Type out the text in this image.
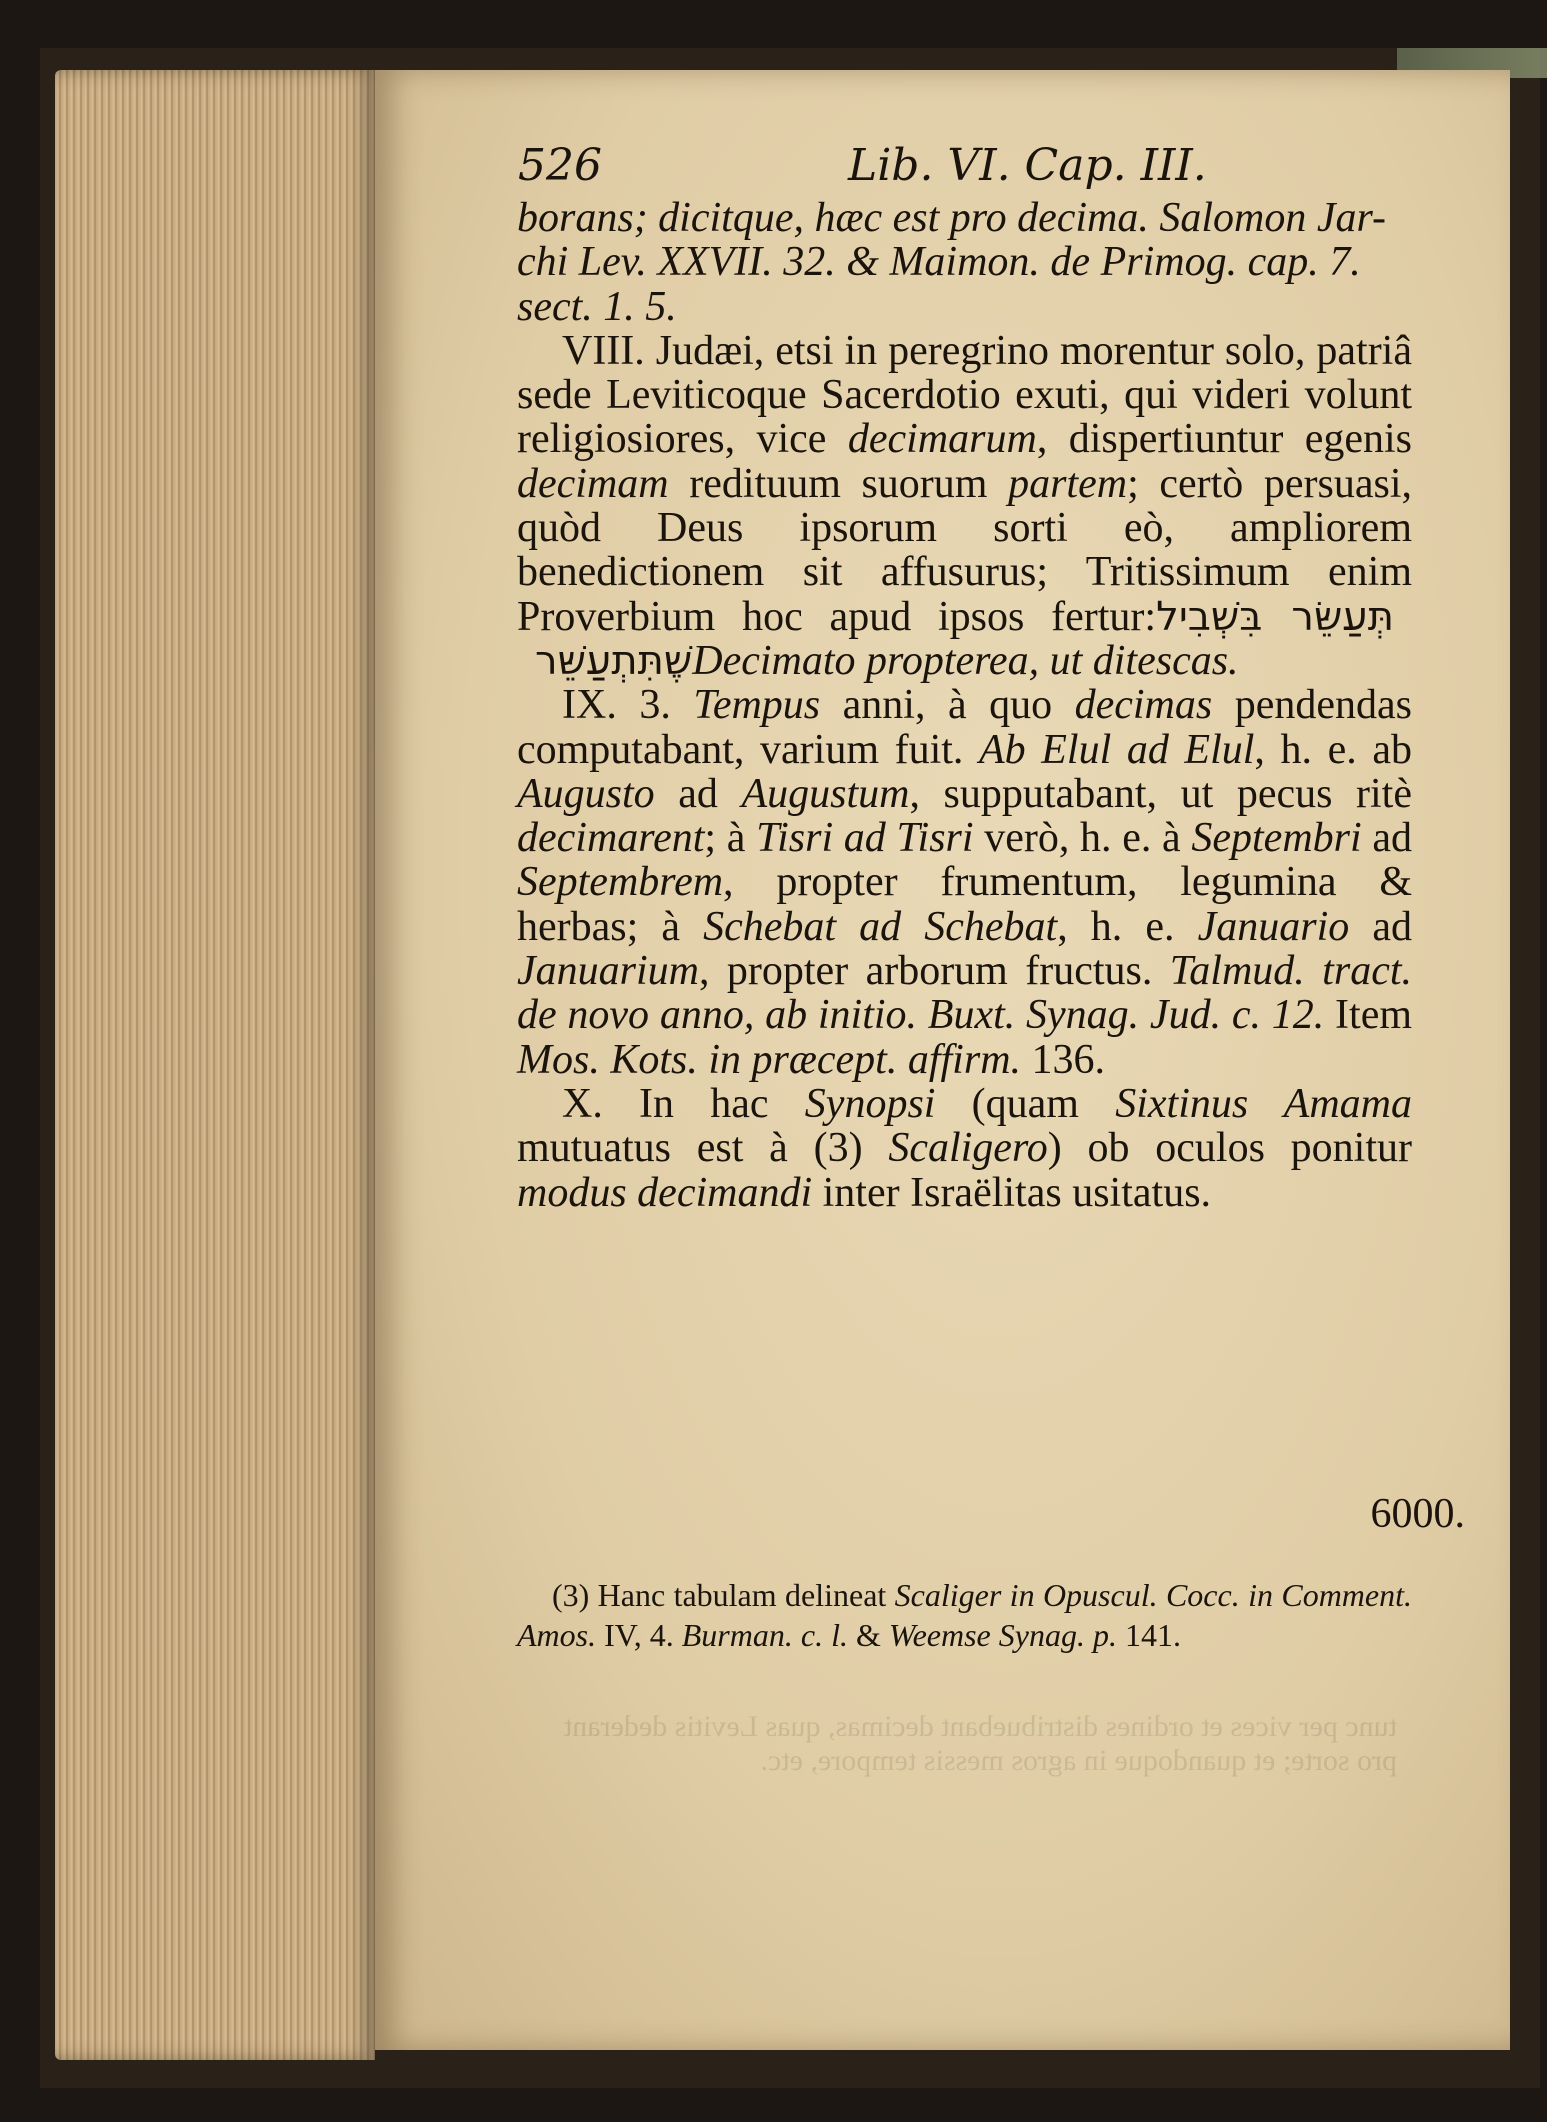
526	Lib. VI. Cap. III.

borans; dicitque, hæc est pro decima. Salomon Jar-

chi Lev. XXVII. 32. & Maimon. de Primog. cap. 7.

sect. 1. 5.

VIII. Judæi, etsi in peregrino morentur solo, patriâ sede Leviticoque Sacerdotio exuti, qui videri volunt religiosiores, vice decimarum, dispertiuntur egenis decimam redituum suorum partem; certò persuasi, quòd Deus ipsorum sorti eò, ampliorem benedictionem sit affusurus; Tritissimum enim Proverbium hoc apud ipsos fertur:תְּעַשֵּׂר בִּשְׁבִיל שֶׁתִּתְעַשֵּׁרDecimato propterea, ut ditescas.

IX. 3. Tempus anni, à quo decimas pendendas computabant, varium fuit. Ab Elul ad Elul, h. e. ab Augusto ad Augustum, supputabant, ut pecus ritè decimarent; à Tisri ad Tisri verò, h. e. à Septembri ad Septembrem, propter frumentum, legumina & herbas; à Schebat ad Schebat, h. e. Januario ad Januarium, propter arborum fructus. Talmud. tract. de novo anno, ab initio. Buxt. Synag. Jud. c. 12. Item Mos. Kots. in præcept. affirm. 136.

X. In hac Synopsi (quam Sixtinus Amama mutuatus est à (3) Scaligero) ob oculos ponitur modus decimandi inter Israëlitas usitatus.

6000.

(3) Hanc tabulam delineat Scaliger in Opuscul. Cocc. in Comment. Amos. IV, 4. Burman. c. l. & Weemse Synag. p. 141.

tunc per vices et ordines distribuebant decimas, quas Levitis dederant pro sorte; et quandoque in agros messis tempore, etc.
